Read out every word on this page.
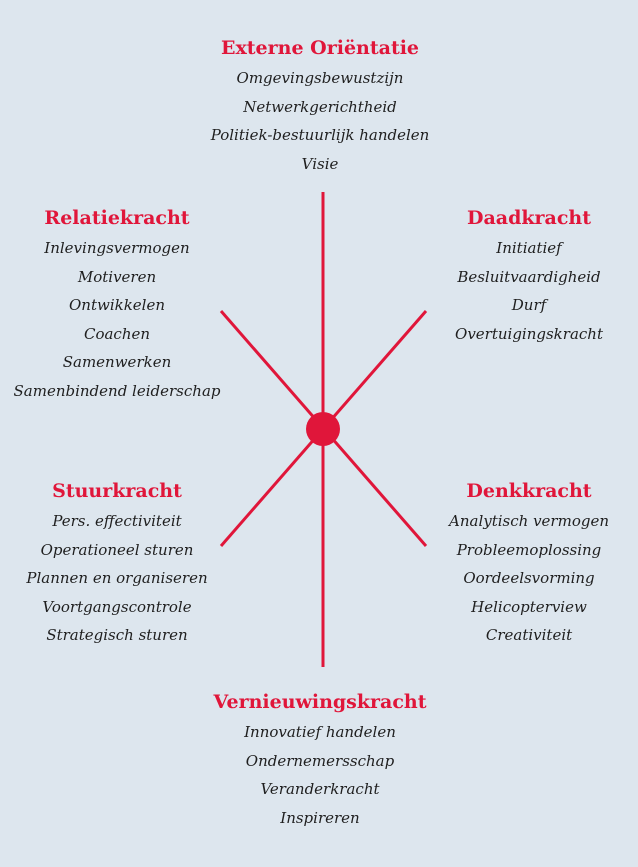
Externe Oriëntatie
Omgevingsbewustzijn
Netwerkgerichtheid
Politiek-bestuurlijk handelen
Visie
Relatiekracht
Inlevingsvermogen
Motiveren
Ontwikkelen
Coachen
Samenwerken
Samenbindend leiderschap
Daadkracht
Initiatief
Besluitvaardigheid
Durf
Overtuigingskracht
Stuurkracht
Pers. effectiviteit
Operationeel sturen
Plannen en organiseren
Voortgangscontrole
Strategisch sturen
Denkkracht
Analytisch vermogen
Probleemoplossing
Oordeelsvorming
Helicopterview
Creativiteit
Vernieuwingskracht
Innovatief handelen
Ondernemersschap
Veranderkracht
Inspireren
